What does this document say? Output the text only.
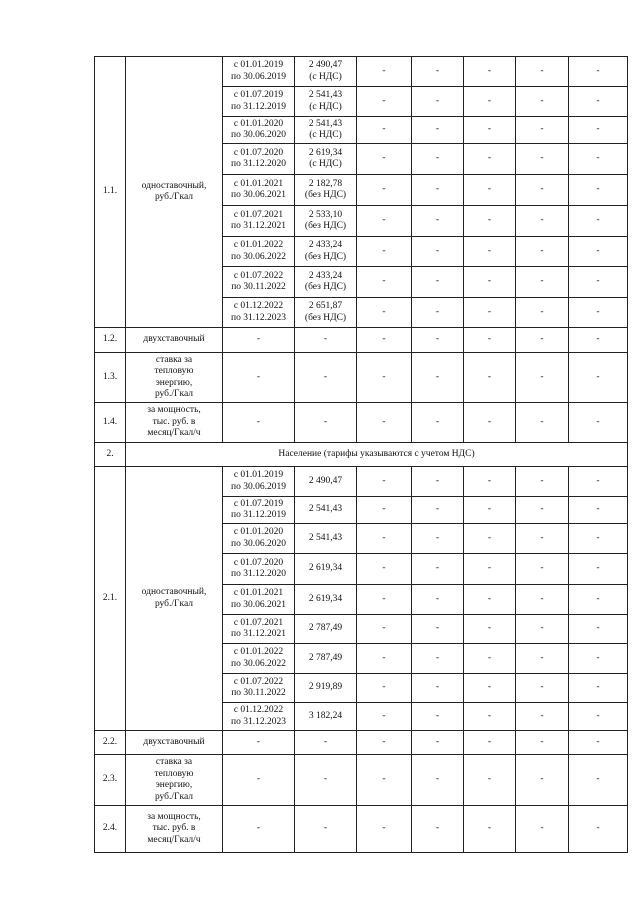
1.1.	одноставочный,
руб./Гкал	с 01.01.2019
по 30.06.2019	2 490,47
(с НДС)	-	-	-	-	-
		с 01.07.2019
по 31.12.2019	2 541,43
(с НДС)	-	-	-	-	-
		с 01.01.2020
по 30.06.2020	2 541,43
(с НДС)	-	-	-	-	-
		с 01.07.2020
по 31.12.2020	2 619,34
(с НДС)	-	-	-	-	-
		с 01.01.2021
по 30.06.2021	2 182,78
(без НДС)	-	-	-	-	-
		с 01.07.2021
по 31.12.2021	2 533,10
(без НДС)	-	-	-	-	-
		с 01.01.2022
по 30.06.2022	2 433,24
(без НДС)	-	-	-	-	-
		с 01.07.2022
по 30.11.2022	2 433,24
(без НДС)	-	-	-	-	-
		с 01.12.2022
по 31.12.2023	2 651,87
(без НДС)	-	-	-	-	-
1.2.	двухставочный	-	-	-	-	-	-	-
1.3.	ставка за
тепловую
энергию,
руб./Гкал	-	-	-	-	-	-	-
1.4.	за мощность,
тыс. руб. в
месяц/Гкал/ч	-	-	-	-	-	-	-
2.	Население (тарифы указываются с учетом НДС)							
2.1.	одноставочный,
руб./Гкал	с 01.01.2019
по 30.06.2019	2 490,47	-	-	-	-	-
		с 01.07.2019
по 31.12.2019	2 541,43	-	-	-	-	-
		с 01.01.2020
по 30.06.2020	2 541,43	-	-	-	-	-
		с 01.07.2020
по 31.12.2020	2 619,34	-	-	-	-	-
		с 01.01.2021
по 30.06.2021	2 619,34	-	-	-	-	-
		с 01.07.2021
по 31.12.2021	2 787,49	-	-	-	-	-
		с 01.01.2022
по 30.06.2022	2 787,49	-	-	-	-	-
		с 01.07.2022
по 30.11.2022	2 919,89	-	-	-	-	-
		с 01.12.2022
по 31.12.2023	3 182,24	-	-	-	-	-
2.2.	двухставочный	-	-	-	-	-	-	-
2.3.	ставка за
тепловую
энергию,
руб./Гкал	-	-	-	-	-	-	-
2.4.	за мощность,
тыс. руб. в
месяц/Гкал/ч	-	-	-	-	-	-	-
